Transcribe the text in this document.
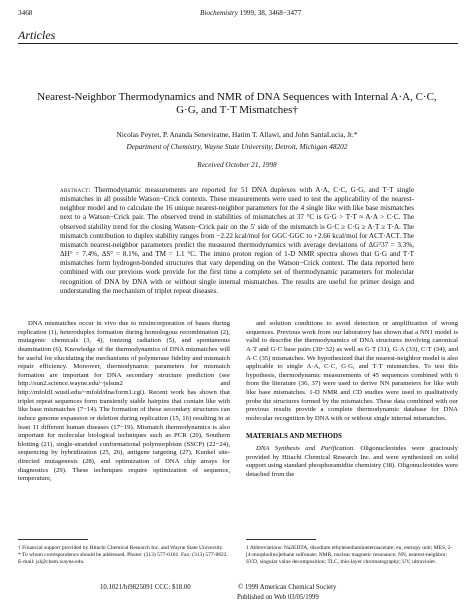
3468	Biochemistry 1999, 38, 3468−3477
Articles
Nearest-Neighbor Thermodynamics and NMR of DNA Sequences with Internal A·A, C·C, G·G, and T·T Mismatches†
Nicolas Peyret, P. Ananda Seneviratne, Hatim T. Allawi, and John SantaLucia, Jr.*
Department of Chemistry, Wayne State University, Detroit, Michigan 48202
Received October 21, 1998
abstract: Thermodynamic measurements are reported for 51 DNA duplexes with A·A, C·C, G·G, and T·T single mismatches in all possible Watson−Crick contexts. These measurements were used to test the applicability of the nearest-neighbor model and to calculate the 16 unique nearest-neighbor parameters for the 4 single like with like base mismatches next to a Watson−Crick pair. The observed trend in stabilities of mismatches at 37 °C is G·G > T·T ≈ A·A > C·C. The observed stability trend for the closing Watson−Crick pair on the 5′ side of the mismatch is G·C ≥ C·G ≥ A·T ≥ T·A. The mismatch contribution to duplex stability ranges from −2.22 kcal/mol for GGC·GGC to +2.66 kcal/mol for ACT·ACT. The mismatch nearest-neighbor parameters predict the measured thermodynamics with average deviations of ΔG°37 = 3.3%, ΔH° = 7.4%, ΔS° = 8.1%, and TM = 1.1 °C. The imino proton region of 1-D NMR spectra shows that G·G and T·T mismatches form hydrogen-bonded structures that vary depending on the Watson−Crick context. The data reported here combined with our previous work provide for the first time a complete set of thermodynamic parameters for molecular recognition of DNA by DNA with or without single internal mismatches. The results are useful for primer design and understanding the mechanism of triplet repeat diseases.
DNA mismatches occur in vivo due to misincorporation of bases during replication (1), heteroduplex formation during homologous recombination (2), mutagenic chemicals (3, 4), ionizing radiation (5), and spontaneous deamination (6). Knowledge of the thermodynamics of DNA mismatches will be useful for elucidating the mechanisms of polymerase fidelity and mismatch repair efficiency. Moreover, thermodynamic parameters for mismatch formation are important for DNA secondary structure prediction (see http://sun2.science.wayne.edu/~jslsun2 and http://mfold1.wustl.edu/~mfold/dna/form1.cgi). Recent work has shown that triplet repeat sequences form transiently stable hairpins that contain like with like base mismatches (7−14). The formation of these secondary structures can induce genome expansion or deletion during replication (15, 16) resulting in at least 11 different human diseases (17−19). Mismatch thermodynamics is also important for molecular biological techniques such as PCR (20), Southern blotting (21), single-stranded conformational polymorphism (SSCP) (22−24), sequencing by hybridization (25, 26), antigene targeting (27), Kunkel site-directed mutagenesis (28), and optimization of DNA chip arrays for diagnostics (29). These techniques require optimization of sequence, temperature,
and solution conditions to avoid detection or amplification of wrong sequences. Previous work from our laboratory has shown that a NN1 model is valid to describe the thermodynamics of DNA structures involving canonical A·T and G·C base pairs (30−32) as well as G·T (31), G·A (33), C·T (34), and A·C (35) mismatches. We hypothesized that the nearest-neighbor model is also applicable to single A·A, C·C, G·G, and T·T mismatches. To test this hypothesis, thermodynamic measurements of 45 sequences combined with 6 from the literature (36, 37) were used to derive NN parameters for like with like base mismatches. 1-D NMR and CD studies were used to qualitatively probe the structures formed by the mismatches. These data combined with our previous results provide a complete thermodynamic database for DNA molecular recognition by DNA with or without single internal mismatches.
MATERIALS AND METHODS
DNA Synthesis and Purification. Oligonucleotides were graciously provided by Hitachi Chemical Research Inc. and were synthesized on solid support using standard phosphoramidite chemistry (38). Oligonucleotides were detached from the
† Financial support provided by Hitachi Chemical Research Inc. and Wayne State University.
* To whom correspondence should be addressed. Phone: (313) 577-0101. Fax: (313) 577-8822. E-mail: jsl@chem.wayne.edu.
1 Abbreviations: Na2EDTA, disodium ethylenediaminetetraacetate; eu, entropy unit; MES, 2-[4-morpholino]ethane sulfonate; NMR, nuclear magnetic resonance; NN, nearest-neighbor; SVD, singular value decomposition; TLC, thin-layer chromatography; UV, ultraviolet.
10.1021/bi9825091 CCC: $18.00	© 1999 American Chemical Society
Published on Web 03/05/1999
